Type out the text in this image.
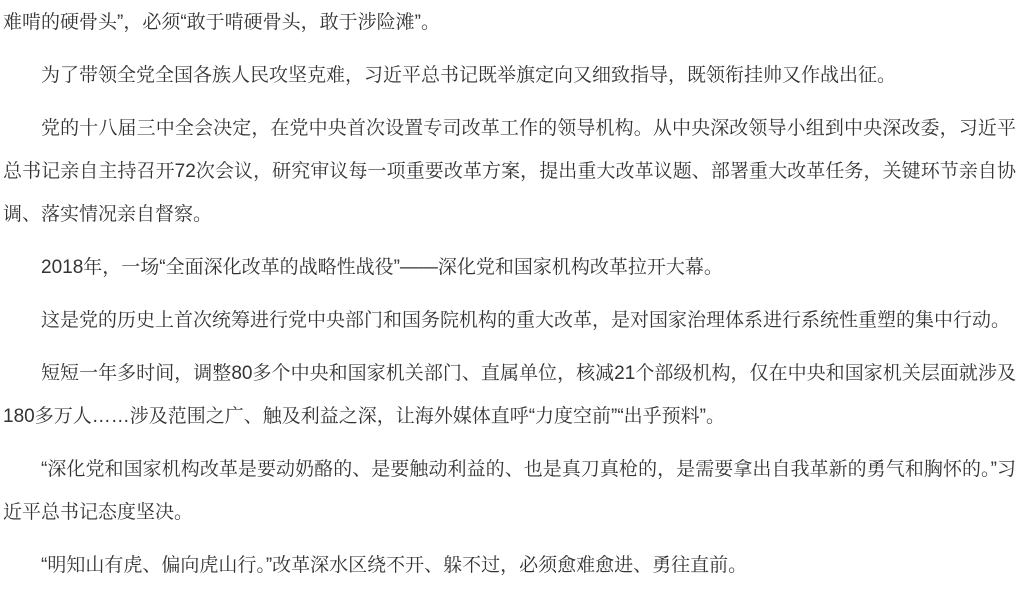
难啃的硬骨头”，必须“敢于啃硬骨头，敢于涉险滩”。

为了带领全党全国各族人民攻坚克难，习近平总书记既举旗定向又细致指导，既领衔挂帅又作战出征。

党的十八届三中全会决定，在党中央首次设置专司改革工作的领导机构。从中央深改领导小组到中央深改委，习近平总书记亲自主持召开72次会议，研究审议每一项重要改革方案，提出重大改革议题、部署重大改革任务，关键环节亲自协调、落实情况亲自督察。

2018年，一场“全面深化改革的战略性战役”——深化党和国家机构改革拉开大幕。

这是党的历史上首次统筹进行党中央部门和国务院机构的重大改革，是对国家治理体系进行系统性重塑的集中行动。

短短一年多时间，调整80多个中央和国家机关部门、直属单位，核减21个部级机构，仅在中央和国家机关层面就涉及180多万人……涉及范围之广、触及利益之深，让海外媒体直呼“力度空前”“出乎预料”。

“深化党和国家机构改革是要动奶酪的、是要触动利益的、也是真刀真枪的，是需要拿出自我革新的勇气和胸怀的。”习近平总书记态度坚决。

“明知山有虎、偏向虎山行。”改革深水区绕不开、躲不过，必须愈难愈进、勇往直前。
